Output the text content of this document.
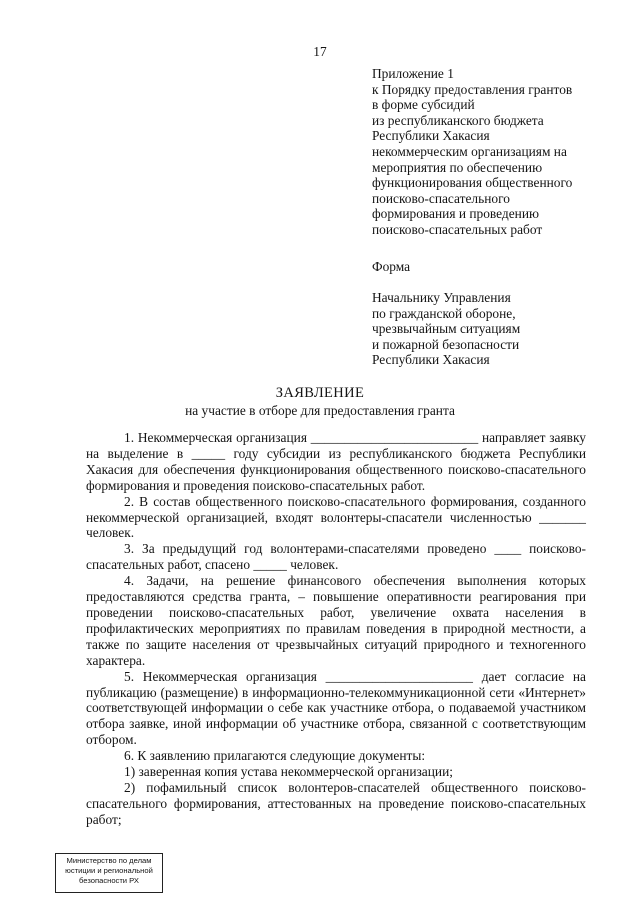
17
Приложение 1
к Порядку предоставления грантов
в форме субсидий
из республиканского бюджета
Республики Хакасия
некоммерческим организациям на
мероприятия по обеспечению
функционирования общественного
поисково-спасательного
формирования и проведению
поисково-спасательных работ
Форма
Начальнику Управления
по гражданской обороне,
чрезвычайным ситуациям
и пожарной безопасности
Республики Хакасия
ЗАЯВЛЕНИЕ
на участие в отборе для предоставления гранта

1. Некоммерческая организация _________________________ направляет заявку на выделение в _____ году субсидии из республиканского бюджета Республики Хакасия для обеспечения функционирования общественного поисково-спасательного формирования и проведения поисково-спасательных работ.

2. В состав общественного поисково-спасательного формирования, созданного некоммерческой организацией, входят волонтеры-спасатели численностью _______ человек.

3. За предыдущий год волонтерами-спасателями проведено ____ поисково-спасательных работ, спасено _____ человек.

4. Задачи, на решение финансового обеспечения выполнения которых предоставляются средства гранта, – повышение оперативности реагирования при проведении поисково-спасательных работ, увеличение охвата населения в профилактических мероприятиях по правилам поведения в природной местности, а также по защите населения от чрезвычайных ситуаций природного и техногенного характера.

5. Некоммерческая организация ______________________ дает согласие на публикацию (размещение) в информационно-телекоммуникационной сети «Интернет» соответствующей информации о себе как участнике отбора, о подаваемой участником отбора заявке, иной информации об участнике отбора, связанной с соответствующим отбором.

6. К заявлению прилагаются следующие документы:

1) заверенная копия устава некоммерческой организации;

2) пофамильный список волонтеров-спасателей общественного поисково-спасательного формирования, аттестованных на проведение поисково-спасательных работ;

Министерство по делам
юстиции и региональной
безопасности РХ
